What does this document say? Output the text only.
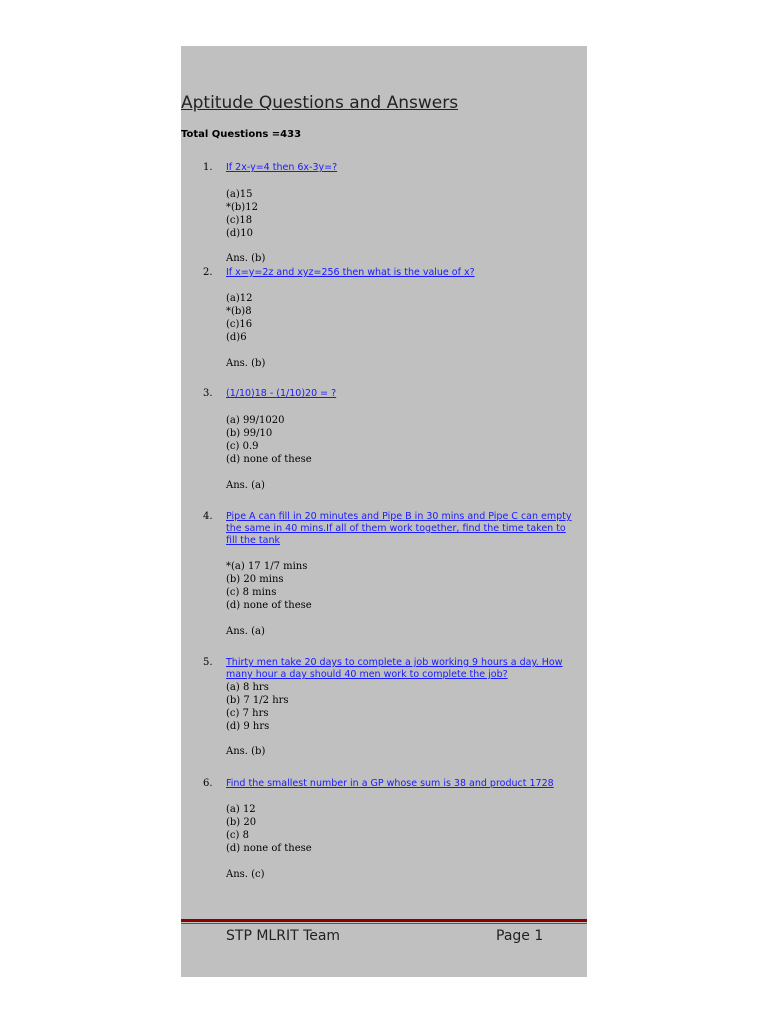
Aptitude Questions and Answers
Total Questions =433
1. If 2x-y=4 then 6x-3y=?
(a)15
*(b)12
(c)18
(d)10
Ans. (b)
2. If x=y=2z and xyz=256 then what is the value of x?
(a)12
*(b)8
(c)16
(d)6
Ans. (b)
3. (1/10)18 - (1/10)20 = ?
(a) 99/1020
(b) 99/10
(c) 0.9
(d) none of these
Ans. (a)
4. Pipe A can fill in 20 minutes and Pipe B in 30 mins and Pipe C can empty the same in 40 mins.If all of them work together, find the time taken to fill the tank
*(a) 17 1/7 mins
(b) 20 mins
(c) 8 mins
(d) none of these
Ans. (a)
5. Thirty men take 20 days to complete a job working 9 hours a day. How many hour a day should 40 men work to complete the job?
(a) 8 hrs
(b) 7 1/2 hrs
(c) 7 hrs
(d) 9 hrs
Ans. (b)
6. Find the smallest number in a GP whose sum is 38 and product 1728
(a) 12
(b) 20
(c) 8
(d) none of these
Ans. (c)
STP MLRIT Team	Page 1
